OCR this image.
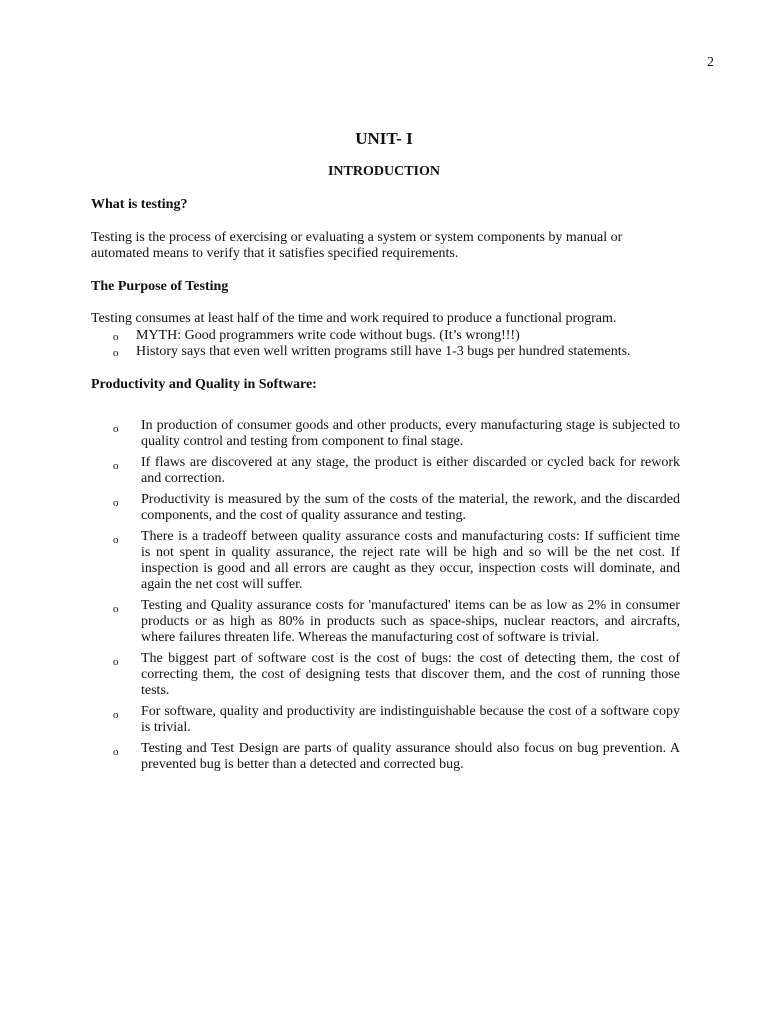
2
UNIT- I
INTRODUCTION
What is testing?
Testing is the process of exercising or evaluating a system or system components by manual or automated means to verify that it satisfies specified requirements.
The Purpose of Testing
Testing consumes at least half of the time and work required to produce a functional program.
o MYTH: Good programmers write code without bugs. (It’s wrong!!!)
o History says that even well written programs still have 1-3 bugs per hundred statements.
Productivity and Quality in Software:
o In production of consumer goods and other products, every manufacturing stage is subjected to quality control and testing from component to final stage.
o If flaws are discovered at any stage, the product is either discarded or cycled back for rework and correction.
o Productivity is measured by the sum of the costs of the material, the rework, and the discarded components, and the cost of quality assurance and testing.
o There is a tradeoff between quality assurance costs and manufacturing costs: If sufficient time is not spent in quality assurance, the reject rate will be high and so will be the net cost. If inspection is good and all errors are caught as they occur, inspection costs will dominate, and again the net cost will suffer.
o Testing and Quality assurance costs for 'manufactured' items can be as low as 2% in consumer products or as high as 80% in products such as space-ships, nuclear reactors, and aircrafts, where failures threaten life. Whereas the manufacturing cost of software is trivial.
o The biggest part of software cost is the cost of bugs: the cost of detecting them, the cost of correcting them, the cost of designing tests that discover them, and the cost of running those tests.
o For software, quality and productivity are indistinguishable because the cost of a software copy is trivial.
o Testing and Test Design are parts of quality assurance should also focus on bug prevention. A prevented bug is better than a detected and corrected bug.
